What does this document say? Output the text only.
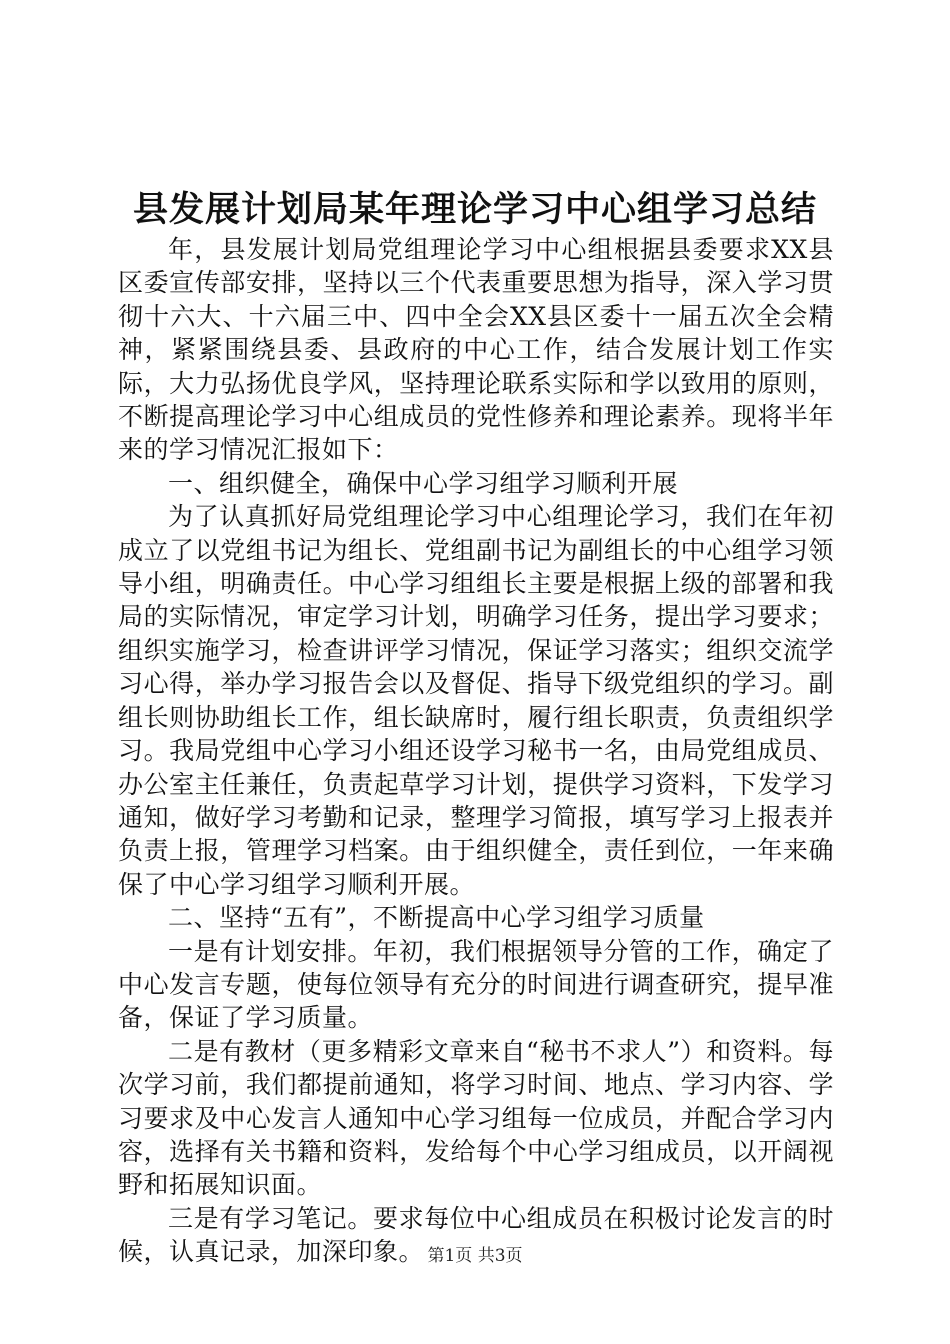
县发展计划局某年理论学习中心组学习总结

年，县发展计划局党组理论学习中心组根据县委要求XX县区委宣传部安排，坚持以三个代表重要思想为指导，深入学习贯彻十六大、十六届三中、四中全会XX县区委十一届五次全会精神，紧紧围绕县委、县政府的中心工作，结合发展计划工作实际，大力弘扬优良学风，坚持理论联系实际和学以致用的原则，不断提高理论学习中心组成员的党性修养和理论素养。现将半年来的学习情况汇报如下：

一、组织健全，确保中心学习组学习顺利开展

为了认真抓好局党组理论学习中心组理论学习，我们在年初成立了以党组书记为组长、党组副书记为副组长的中心组学习领导小组，明确责任。中心学习组组长主要是根据上级的部署和我局的实际情况，审定学习计划，明确学习任务，提出学习要求；组织实施学习，检查讲评学习情况，保证学习落实；组织交流学习心得，举办学习报告会以及督促、指导下级党组织的学习。副组长则协助组长工作，组长缺席时，履行组长职责，负责组织学习。我局党组中心学习小组还设学习秘书一名，由局党组成员、办公室主任兼任，负责起草学习计划，提供学习资料，下发学习通知，做好学习考勤和记录，整理学习简报，填写学习上报表并负责上报，管理学习档案。由于组织健全，责任到位，一年来确保了中心学习组学习顺利开展。

二、坚持“五有”，不断提高中心学习组学习质量

一是有计划安排。年初，我们根据领导分管的工作，确定了中心发言专题，使每位领导有充分的时间进行调查研究，提早准备，保证了学习质量。

二是有教材（更多精彩文章来自“秘书不求人”）和资料。每次学习前，我们都提前通知，将学习时间、地点、学习内容、学习要求及中心发言人通知中心学习组每一位成员，并配合学习内容，选择有关书籍和资料，发给每个中心学习组成员，以开阔视野和拓展知识面。

三是有学习笔记。要求每位中心组成员在积极讨论发言的时候，认真记录，加深印象。 第1页 共3页
